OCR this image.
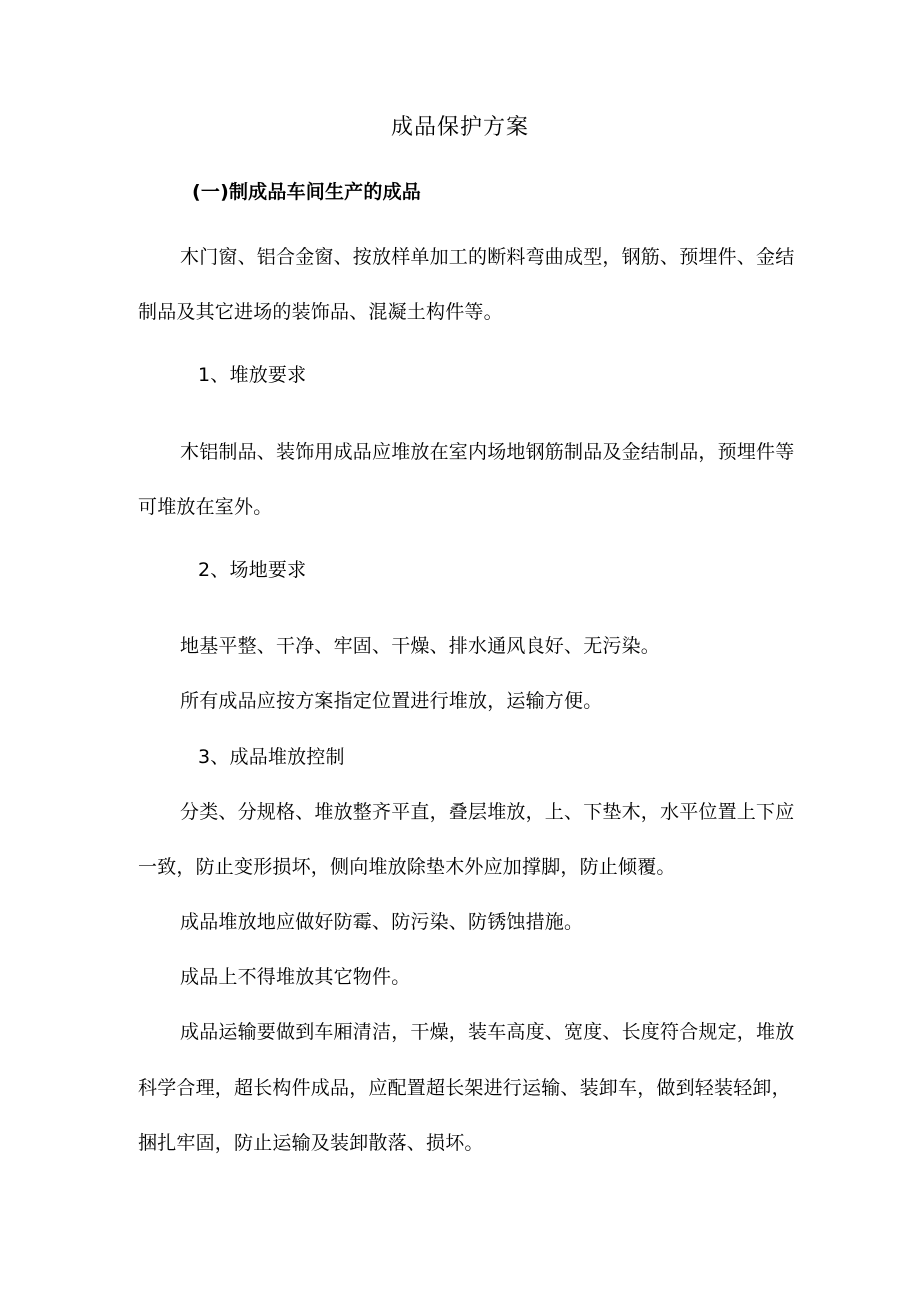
成品保护方案
(一)制成品车间生产的成品
木门窗、铝合金窗、按放样单加工的断料弯曲成型，钢筋、预埋件、金结
制品及其它进场的装饰品、混凝土构件等。
1、堆放要求
木铝制品、装饰用成品应堆放在室内场地钢筋制品及金结制品，预埋件等
可堆放在室外。
2、场地要求
地基平整、干净、牢固、干燥、排水通风良好、无污染。
所有成品应按方案指定位置进行堆放，运输方便。
3、成品堆放控制
分类、分规格、堆放整齐平直，叠层堆放，上、下垫木，水平位置上下应
一致，防止变形损坏，侧向堆放除垫木外应加撑脚，防止倾覆。
成品堆放地应做好防霉、防污染、防锈蚀措施。
成品上不得堆放其它物件。
成品运输要做到车厢清洁，干燥，装车高度、宽度、长度符合规定，堆放
科学合理，超长构件成品，应配置超长架进行运输、装卸车，做到轻装轻卸，
捆扎牢固，防止运输及装卸散落、损坏。
